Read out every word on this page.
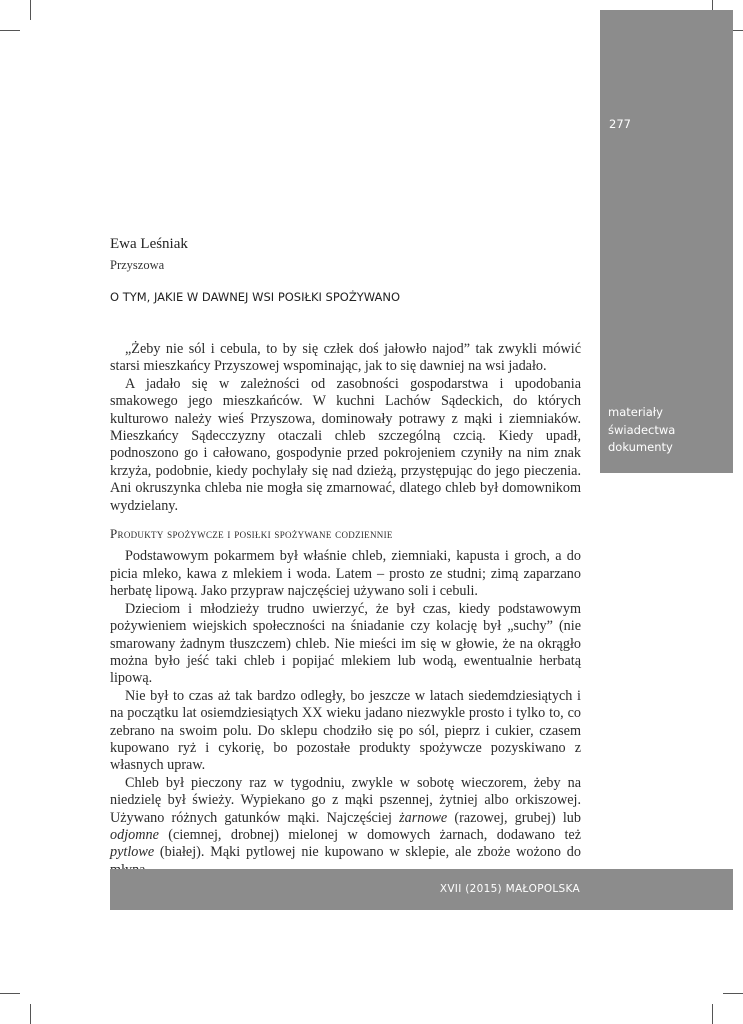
277
materiały
świadectwa
dokumenty
Ewa Leśniak
Przyszowa
O TYM, JAKIE W DAWNEJ WSI POSIŁKI SPOŻYWANO

„Żeby nie sól i cebula, to by się człek doś jałowło najod” tak zwykli mówić starsi mieszkańcy Przyszowej wspominając, jak to się dawniej na wsi jadało.

A jadało się w zależności od zasobności gospodarstwa i upodobania smakowego jego mieszkańców. W kuchni Lachów Sądeckich, do których kulturowo należy wieś Przyszowa, dominowały potrawy z mąki i ziemniaków. Mieszkańcy Sądecczyzny otaczali chleb szczególną czcią. Kiedy upadł, podnoszono go i całowano, gospodynie przed pokrojeniem czyniły na nim znak krzyża, podobnie, kiedy pochylały się nad dzieżą, przystępując do jego pieczenia. Ani okruszynka chleba nie mogła się zmarnować, dlatego chleb był domownikom wydzielany.

Produkty spożywcze i posiłki spożywane codziennie

Podstawowym pokarmem był właśnie chleb, ziemniaki, kapusta i groch, a do picia mleko, kawa z mlekiem i woda. Latem – prosto ze studni; zimą zaparzano herbatę lipową. Jako przypraw najczęściej używano soli i cebuli.

Dzieciom i młodzieży trudno uwierzyć, że był czas, kiedy podstawowym pożywieniem wiejskich społeczności na śniadanie czy kolację był „suchy” (nie smarowany żadnym tłuszczem) chleb. Nie mieści im się w głowie, że na okrągło można było jeść taki chleb i popijać mlekiem lub wodą, ewentualnie herbatą lipową.

Nie był to czas aż tak bardzo odległy, bo jeszcze w latach siedemdziesiątych i na początku lat osiemdziesiątych XX wieku jadano niezwykle prosto i tylko to, co zebrano na swoim polu. Do sklepu chodziło się po sól, pieprz i cukier, czasem kupowano ryż i cykorię, bo pozostałe produkty spożywcze pozyskiwano z własnych upraw.

Chleb był pieczony raz w tygodniu, zwykle w sobotę wieczorem, żeby na niedzielę był świeży. Wypiekano go z mąki pszennej, żytniej albo orkiszowej. Używano różnych gatunków mąki. Najczęściej żarnowe (razowej, grubej) lub odjomne (ciemnej, drobnej) mielonej w domowych żarnach, dodawano też pytlowe (białej). Mąki pytlowej nie kupowano w sklepie, ale zboże wożono do

XVII (2015) MAŁOPOLSKA
